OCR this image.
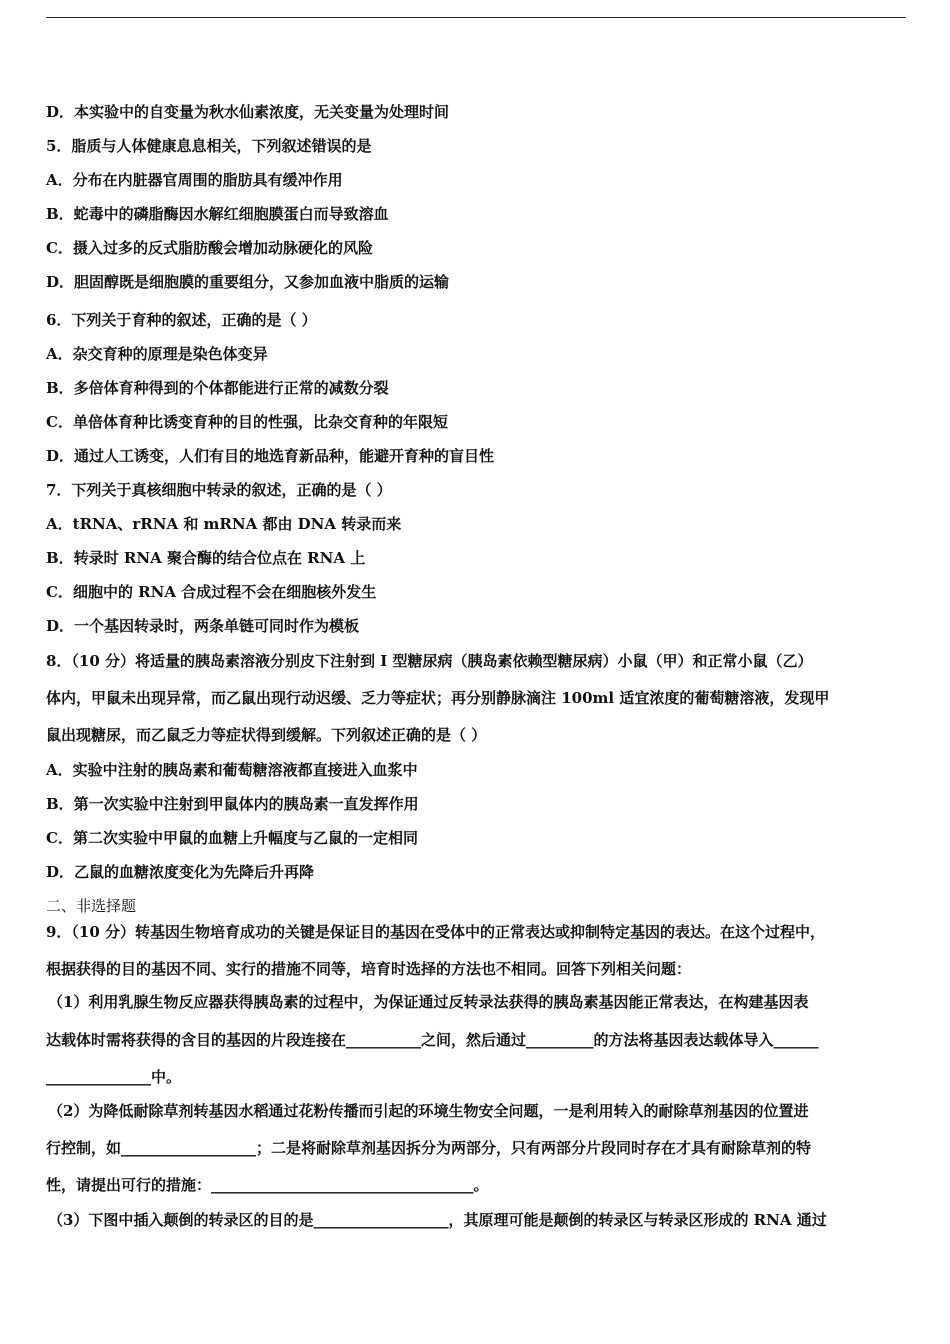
D．本实验中的自变量为秋水仙素浓度，无关变量为处理时间
5．脂质与人体健康息息相关，下列叙述错误的是
A．分布在内脏器官周围的脂肪具有缓冲作用
B．蛇毒中的磷脂酶因水解红细胞膜蛋白而导致溶血
C．摄入过多的反式脂肪酸会增加动脉硬化的风险
D．胆固醇既是细胞膜的重要组分，又参加血液中脂质的运输
6．下列关于育种的叙述，正确的是（ ）
A．杂交育种的原理是染色体变异
B．多倍体育种得到的个体都能进行正常的减数分裂
C．单倍体育种比诱变育种的目的性强，比杂交育种的年限短
D．通过人工诱变，人们有目的地选育新品种，能避开育种的盲目性
7．下列关于真核细胞中转录的叙述，正确的是（ ）
A．tRNA、rRNA 和 mRNA 都由 DNA 转录而来
B．转录时 RNA 聚合酶的结合位点在 RNA 上
C．细胞中的 RNA 合成过程不会在细胞核外发生
D．一个基因转录时，两条单链可同时作为模板
8．（10 分）将适量的胰岛素溶液分别皮下注射到 I 型糖尿病（胰岛素依赖型糖尿病）小鼠（甲）和正常小鼠（乙）
体内，甲鼠未出现异常，而乙鼠出现行动迟缓、乏力等症状；再分别静脉滴注 100ml 适宜浓度的葡萄糖溶液，发现甲
鼠出现糖尿，而乙鼠乏力等症状得到缓解。下列叙述正确的是（ ）
A．实验中注射的胰岛素和葡萄糖溶液都直接进入血浆中
B．第一次实验中注射到甲鼠体内的胰岛素一直发挥作用
C．第二次实验中甲鼠的血糖上升幅度与乙鼠的一定相同
D．乙鼠的血糖浓度变化为先降后升再降
二、非选择题
9．（10 分）转基因生物培育成功的关键是保证目的基因在受体中的正常表达或抑制特定基因的表达。在这个过程中，
根据获得的目的基因不同、实行的措施不同等，培育时选择的方法也不相同。回答下列相关问题：
（1）利用乳腺生物反应器获得胰岛素的过程中，为保证通过反转录法获得的胰岛素基因能正常表达，在构建基因表
达载体时需将获得的含目的基因的片段连接在__________之间，然后通过_________的方法将基因表达载体导入______
______________中。
（2）为降低耐除草剂转基因水稻通过花粉传播而引起的环境生物安全问题，一是利用转入的耐除草剂基因的位置进
行控制，如__________________；二是将耐除草剂基因拆分为两部分，只有两部分片段同时存在才具有耐除草剂的特
性，请提出可行的措施：___________________________________。
（3）下图中插入颠倒的转录区的目的是__________________，其原理可能是颠倒的转录区与转录区形成的 RNA 通过
